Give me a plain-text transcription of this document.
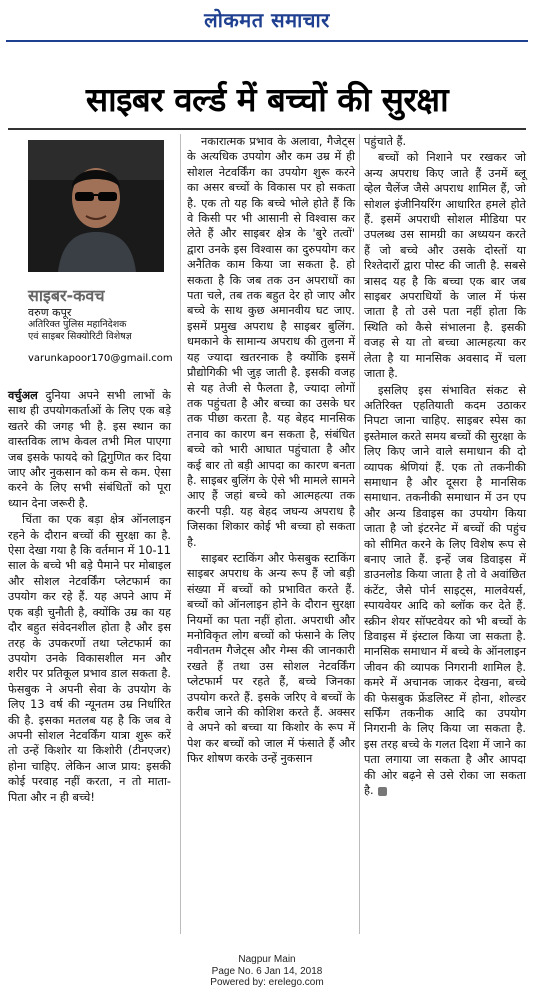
लोकमत समाचार
साइबर वर्ल्ड में बच्चों की सुरक्षा
साइबर-कवच
वरुण कपूर
अतिरिक्त पुलिस महानिदेशक
एवं साइबर सिक्योरिटी विशेषज्ञ
varunkapoor170@gmail.com

वर्चुअल दुनिया अपने सभी लाभों के साथ ही उपयोगकर्ताओं के लिए एक बड़े खतरे की जगह भी है. इस स्थान का वास्तविक लाभ केवल तभी मिल पाएगा जब इसके फायदे को द्विगुणित कर दिया जाए और नुकसान को कम से कम. ऐसा करने के लिए सभी संबंधितों को पूरा ध्यान देना जरूरी है.

चिंता का एक बड़ा क्षेत्र ऑनलाइन रहने के दौरान बच्चों की सुरक्षा का है. ऐसा देखा गया है कि वर्तमान में 10-11 साल के बच्चे भी बड़े पैमाने पर मोबाइल और सोशल नेटवर्किंग प्लेटफार्म का उपयोग कर रहे हैं. यह अपने आप में एक बड़ी चुनौती है, क्योंकि उम्र का यह दौर बहुत संवेदनशील होता है और इस तरह के उपकरणों तथा प्लेटफार्म का उपयोग उनके विकासशील मन और शरीर पर प्रतिकूल प्रभाव डाल सकता है. फेसबुक ने अपनी सेवा के उपयोग के लिए 13 वर्ष की न्यूनतम उम्र निर्धारित की है. इसका मतलब यह है कि जब वे अपनी सोशल नेटवर्किंग यात्रा शुरू करें तो उन्हें किशोर या किशोरी (टीनएजर) होना चाहिए. लेकिन आज प्राय: इसकी कोई परवाह नहीं करता, न तो माता-पिता और न ही बच्चे!

नकारात्मक प्रभाव के अलावा, गैजेट्स के अत्यधिक उपयोग और कम उम्र में ही सोशल नेटवर्किंग का उपयोग शुरू करने का असर बच्चों के विकास पर हो सकता है. एक तो यह कि बच्चे भोले होते हैं कि वे किसी पर भी आसानी से विश्वास कर लेते हैं और साइबर क्षेत्र के 'बुरे तत्वों' द्वारा उनके इस विश्वास का दुरुपयोग कर अनैतिक काम किया जा सकता है. हो सकता है कि जब तक उन अपराधों का पता चले, तब तक बहुत देर हो जाए और बच्चे के साथ कुछ अमानवीय घट जाए. इसमें प्रमुख अपराध है साइबर बुलिंग. धमकाने के सामान्य अपराध की तुलना में यह ज्यादा खतरनाक है क्योंकि इसमें प्रौद्योगिकी भी जुड़ जाती है. इसकी वजह से यह तेजी से फैलता है, ज्यादा लोगों तक पहुंचता है और बच्चा का उसके घर तक पीछा करता है. यह बेहद मानसिक तनाव का कारण बन सकता है, संबंधित बच्चे को भारी आघात पहुंचाता है और कई बार तो बड़ी आपदा का कारण बनता है. साइबर बुलिंग के ऐसे भी मामले सामने आए हैं जहां बच्चे को आत्महत्या तक करनी पड़ी. यह बेहद जघन्य अपराध है जिसका शिकार कोई भी बच्चा हो सकता है.

साइबर स्टाकिंग और फेसबुक स्टाकिंग साइबर अपराध के अन्य रूप हैं जो बड़ी संख्या में बच्चों को प्रभावित करते हैं. बच्चों को ऑनलाइन होने के दौरान सुरक्षा नियमों का पता नहीं होता. अपराधी और मनोविकृत लोग बच्चों को फंसाने के लिए नवीनतम गैजेट्स और गेम्स की जानकारी रखते हैं तथा उस सोशल नेटवर्किंग प्लेटफार्म पर रहते हैं, बच्चे जिनका उपयोग करते हैं. इसके जरिए वे बच्चों के करीब जाने की कोशिश करते हैं. अक्सर वे अपने को बच्चा या किशोर के रूप में पेश कर बच्चों को जाल में फंसाते हैं और फिर शोषण करके उन्हें नुकसान

पहुंचाते हैं.

बच्चों को निशाने पर रखकर जो अन्य अपराध किए जाते हैं उनमें ब्लू व्हेल चैलेंज जैसे अपराध शामिल हैं, जो सोशल इंजीनियरिंग आधारित हमले होते हैं. इसमें अपराधी सोशल मीडिया पर उपलब्ध उस सामग्री का अध्ययन करते हैं जो बच्चे और उसके दोस्तों या रिश्तेदारों द्वारा पोस्ट की जाती है. सबसे त्रासद यह है कि बच्चा एक बार जब साइबर अपराधियों के जाल में फंस जाता है तो उसे पता नहीं होता कि स्थिति को कैसे संभालना है. इसकी वजह से या तो बच्चा आत्महत्या कर लेता है या मानसिक अवसाद में चला जाता है.

इसलिए इस संभावित संकट से अतिरिक्त एहतियाती कदम उठाकर निपटा जाना चाहिए. साइबर स्पेस का इस्तेमाल करते समय बच्चों की सुरक्षा के लिए किए जाने वाले समाधान की दो व्यापक श्रेणियां हैं. एक तो तकनीकी समाधान है और दूसरा है मानसिक समाधान. तकनीकी समाधान में उन एप और अन्य डिवाइस का उपयोग किया जाता है जो इंटरनेट में बच्चों की पहुंच को सीमित करने के लिए विशेष रूप से बनाए जाते हैं. इन्हें जब डिवाइस में डाउनलोड किया जाता है तो वे अवांछित कंटेंट, जैसे पोर्न साइट्स, मालवेयर्स, स्पायवेयर आदि को ब्लॉक कर देते हैं. स्क्रीन शेयर सॉफ्टवेयर को भी बच्चों के डिवाइस में इंस्टाल किया जा सकता है. मानसिक समाधान में बच्चे के ऑनलाइन जीवन की व्यापक निगरानी शामिल है. कमरे में अचानक जाकर देखना, बच्चे की फेसबुक फ्रेंडलिस्ट में होना, शोल्डर सर्फिंग तकनीक आदि का उपयोग निगरानी के लिए किया जा सकता है. इस तरह बच्चे के गलत दिशा में जाने का पता लगाया जा सकता है और आपदा की ओर बढ़ने से उसे रोका जा सकता है.

Nagpur Main
Page No. 6 Jan 14, 2018
Powered by: erelego.com
